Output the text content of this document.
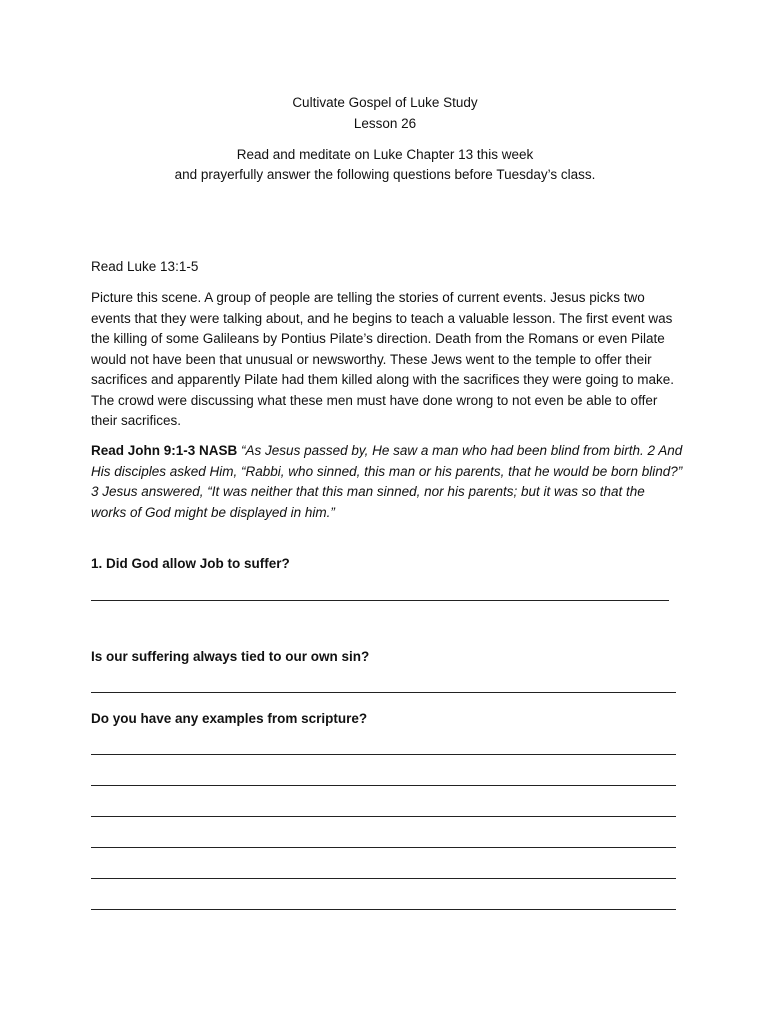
Cultivate Gospel of Luke Study
Lesson 26
Read and meditate on Luke Chapter 13 this week
and prayerfully answer the following questions before Tuesday’s class.
Read Luke 13:1-5

Picture this scene. A group of people are telling the stories of current events. Jesus picks two events that they were talking about, and he begins to teach a valuable lesson. The first event was the killing of some Galileans by Pontius Pilate’s direction. Death from the Romans or even Pilate would not have been that unusual or newsworthy. These Jews went to the temple to offer their sacrifices and apparently Pilate had them killed along with the sacrifices they were going to make. The crowd were discussing what these men must have done wrong to not even be able to offer their sacrifices.

Read John 9:1-3 NASB “As Jesus passed by, He saw a man who had been blind from birth. 2 And His disciples asked Him, “Rabbi, who sinned, this man or his parents, that he would be born blind?” 3 Jesus answered, “It was neither that this man sinned, nor his parents; but it was so that the works of God might be displayed in him.”

1. Did God allow Job to suffer?
Is our suffering always tied to our own sin?
Do you have any examples from scripture?
